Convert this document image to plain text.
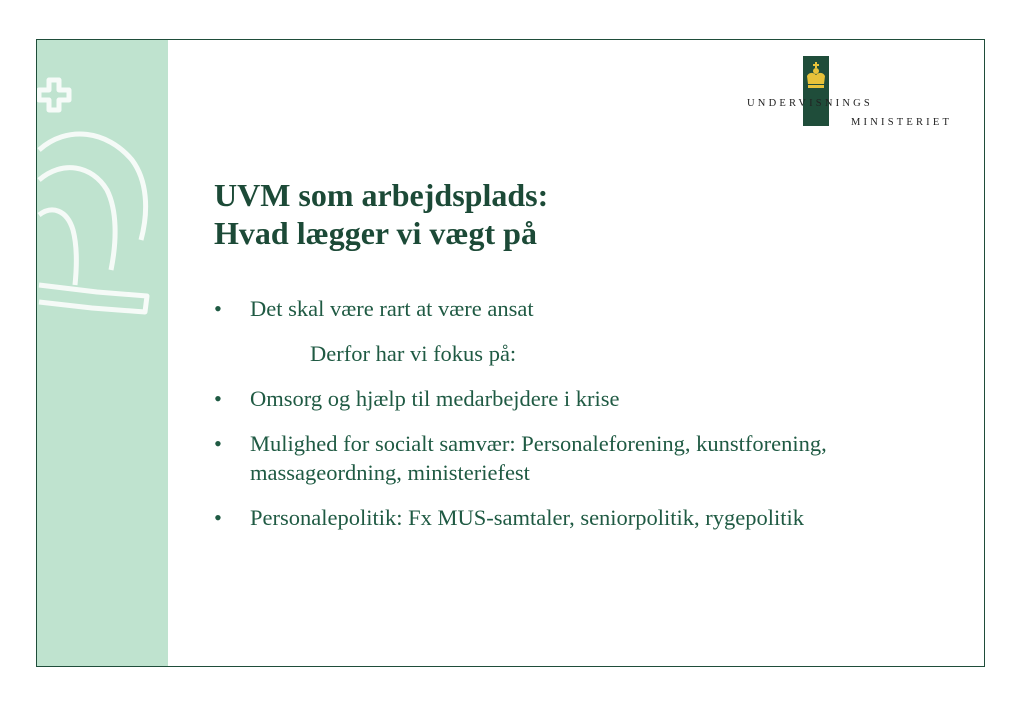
UNDERVISNINGS
MINISTERIET
UVM som arbejdsplads:
Hvad lægger vi vægt på
• Det skal være rart at være ansat
Derfor har vi fokus på:
• Omsorg og hjælp til medarbejdere i krise
• Mulighed for socialt samvær: Personaleforening, kunstforening, massageordning, ministeriefest
• Personalepolitik: Fx MUS-samtaler, seniorpolitik, rygepolitik
